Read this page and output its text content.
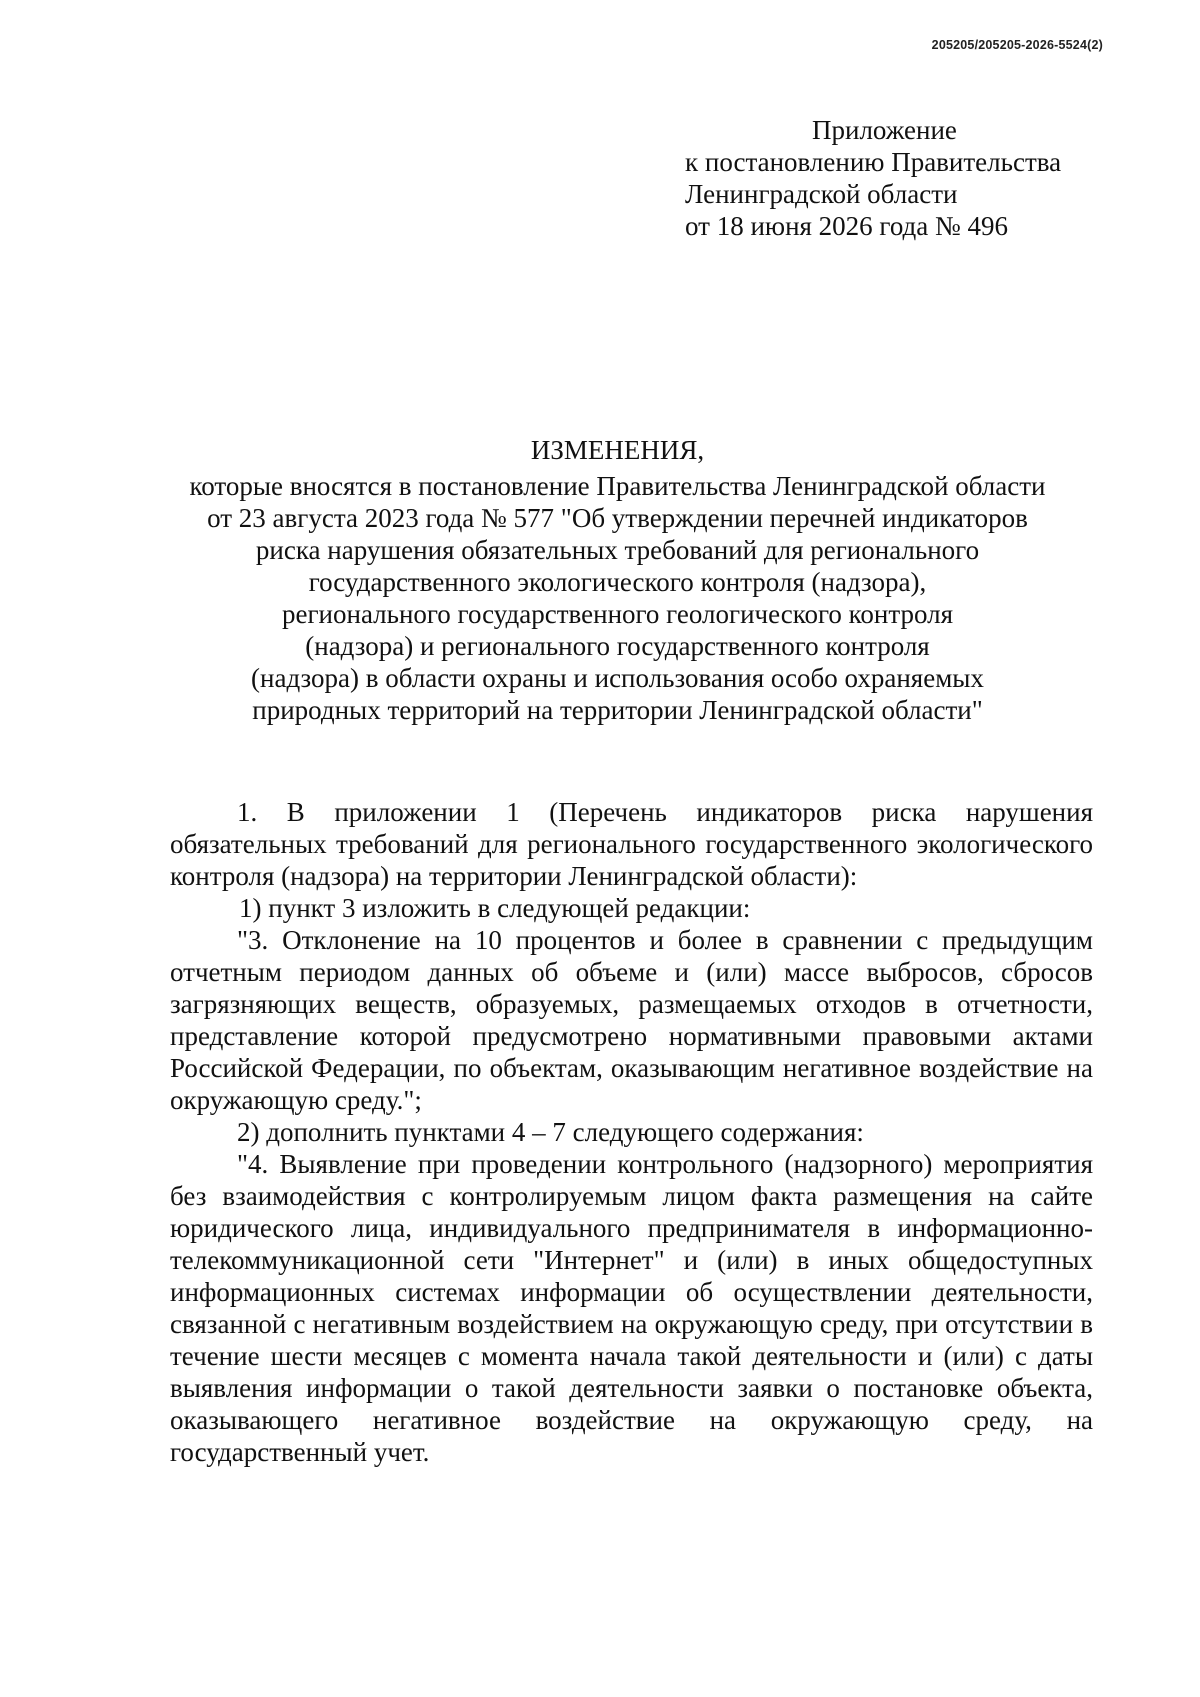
205205/205205-2026-5524(2)
Приложение
к постановлению Правительства
Ленинградской области
от 18 июня 2026 года № 496
ИЗМЕНЕНИЯ,
которые вносятся в постановление Правительства Ленинградской области
от 23 августа 2023 года № 577 "Об утверждении перечней индикаторов
риска нарушения обязательных требований для регионального
государственного экологического контроля (надзора),
регионального государственного геологического контроля
(надзора) и регионального государственного контроля
(надзора) в области охраны и использования особо охраняемых
природных территорий на территории Ленинградской области"

1. В приложении 1 (Перечень индикаторов риска нарушения обязательных требований для регионального государственного экологического контроля (надзора) на территории Ленинградской области):

1) пункт 3 изложить в следующей редакции:

"3. Отклонение на 10 процентов и более в сравнении с предыдущим отчетным периодом данных об объеме и (или) массе выбросов, сбросов загрязняющих веществ, образуемых, размещаемых отходов в отчетности, представление которой предусмотрено нормативными правовыми актами Российской Федерации, по объектам, оказывающим негативное воздействие на окружающую среду.";

2) дополнить пунктами 4 – 7 следующего содержания:

"4. Выявление при проведении контрольного (надзорного) мероприятия без взаимодействия с контролируемым лицом факта размещения на сайте юридического лица, индивидуального предпринимателя в информационно-телекоммуникационной сети "Интернет" и (или) в иных общедоступных информационных системах информации об осуществлении деятельности, связанной с негативным воздействием на окружающую среду, при отсутствии в течение шести месяцев с момента начала такой деятельности и (или) с даты выявления информации о такой деятельности заявки о постановке объекта, оказывающего негативное воздействие на окружающую среду, на государственный учет.
